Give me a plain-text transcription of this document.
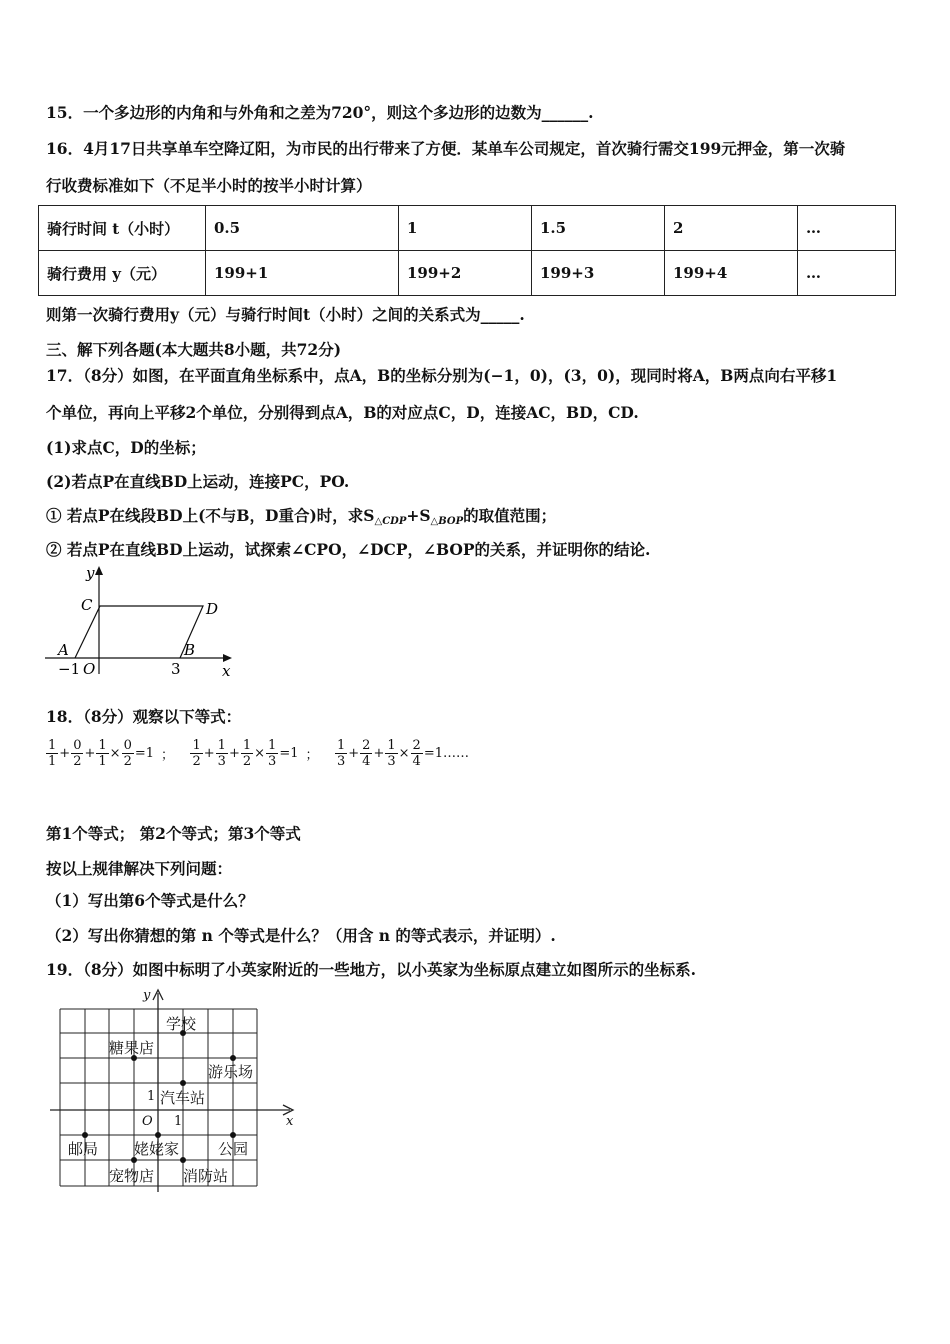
15．一个多边形的内角和与外角和之差为720°，则这个多边形的边数为______.
16．4月17日共享单车空降辽阳，为市民的出行带来了方便．某单车公司规定，首次骑行需交199元押金，第一次骑
行收费标准如下（不足半小时的按半小时计算）
骑行时间 t（小时）	0.5	1	1.5	2	…
骑行费用 y（元）	199+1	199+2	199+3	199+4	…
则第一次骑行费用y（元）与骑行时间t（小时）之间的关系式为_____.
三、解下列各题(本大题共8小题，共72分)
17．（8分）如图，在平面直角坐标系中，点A，B的坐标分别为(−1，0)，(3，0)，现同时将A，B两点向右平移1
个单位，再向上平移2个单位，分别得到点A，B的对应点C，D，连接AC，BD，CD.
(1)求点C，D的坐标；
(2)若点P在直线BD上运动，连接PC，PO.
① 若点P在线段BD上(不与B，D重合)时，求$S_{\triangle CDP}+S_{\triangle BOP}$的取值范围；
② 若点P在直线BD上运动，试探索∠CPO，∠DCP，∠BOP的关系，并证明你的结论.
y
C	D
A	B
−1 O	3	x
18．（8分）观察以下等式：
$\frac{1}{1} + \frac{0}{2} + \frac{1}{1} \times \frac{0}{2} =1$ ； $\frac{1}{2} + \frac{1}{3} + \frac{1}{2} \times \frac{1}{3} =1$ ； $\frac{1}{3} + \frac{2}{4} + \frac{1}{3} \times \frac{2}{4}$ =1……
第1个等式； 第2个等式；第3个等式
按以上规律解决下列问题：
（1）写出第6个等式是什么？
（2）写出你猜想的第 n 个等式是什么？（用含 n 的等式表示，并证明）.
19．（8分）如图中标明了小英家附近的一些地方，以小英家为坐标原点建立如图所示的坐标系.
y
x
1
1
O
学校
糖果店
游乐场
汽车站
邮局 姥姥家	公园
宠物店 消防站
